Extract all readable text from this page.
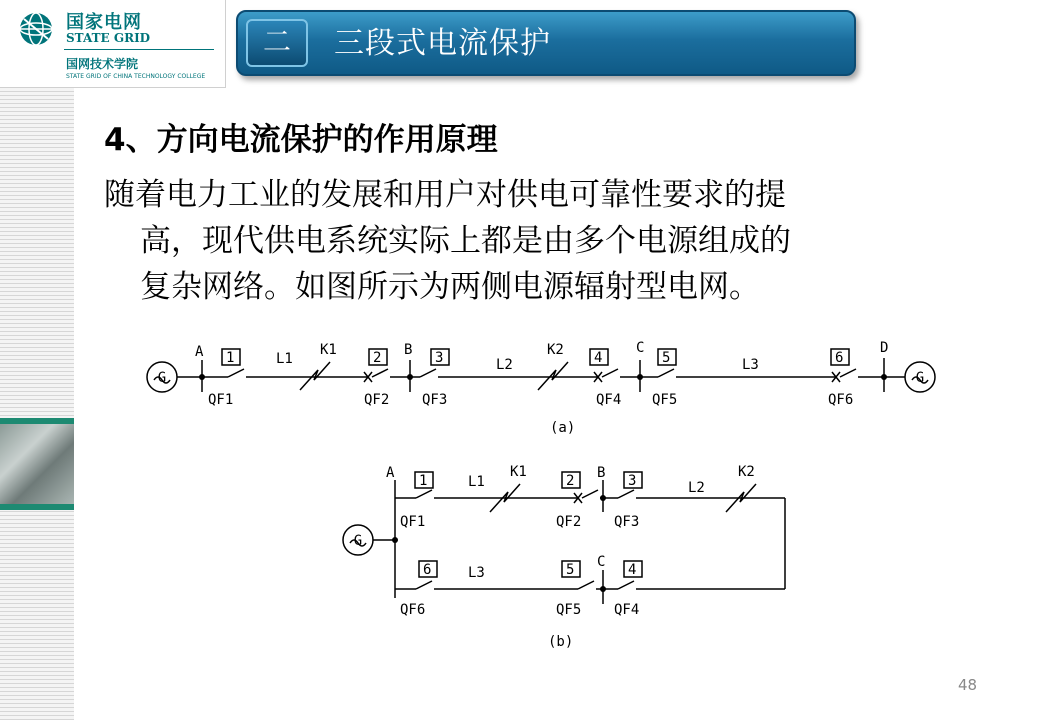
国家电网
STATE GRID
国网技术学院
STATE GRID OF CHINA TECHNOLOGY COLLEGE
二	三段式电流保护
4、方向电流保护的作用原理
随着电力工业的发展和用户对供电可靠性要求的提
高，现代供电系统实际上都是由多个电源组成的
复杂网络。如图所示为两侧电源辐射型电网。
G	G
A	B	C	D
1	2	3	4	5	6
QF1	QF2 QF3	QF4 QF5	QF6
L1	L2	L3
K1	K2
(a)
G
A	B
C
1	2	3
4
5
6
QF1	QF2 QF3
QF4
QF5
QF6
L1	L2
L3
K1	K2
(b)
48
